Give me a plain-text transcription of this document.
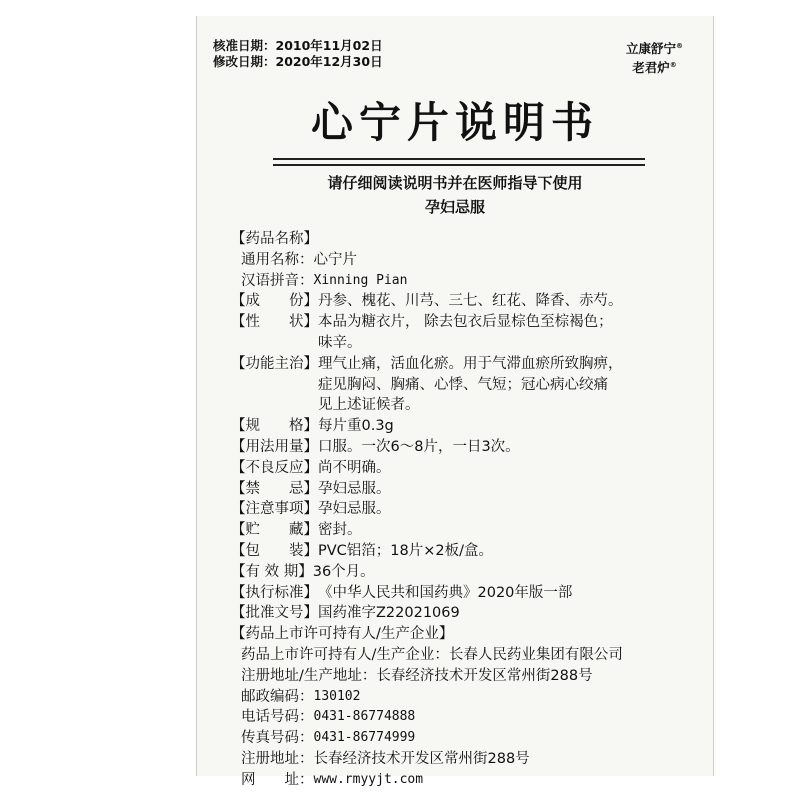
核准日期：2010年11月02日
修改日期：2020年12月30日
立康舒宁®
老君炉®
心宁片说明书
请仔细阅读说明书并在医师指导下使用
孕妇忌服
【药品名称】
通用名称： 心宁片
汉语拼音： Xinning Pian
【成　　份】 丹参、槐花、川芎、三七、红花、降香、赤芍。
【性　　状】 本品为糖衣片， 除去包衣后显棕色至棕褐色；
味辛。
【功能主治】 理气止痛，活血化瘀。用于气滞血瘀所致胸痹，
症见胸闷、胸痛、心悸、气短；冠心病心绞痛
见上述证候者。
【规　　格】 每片重0.3g
【用法用量】 口服。一次6～8片，一日3次。
【不良反应】 尚不明确。
【禁　　忌】 孕妇忌服。
【注意事项】 孕妇忌服。
【贮　　藏】 密封。
【包　　装】 PVC铝箔；18片×2板/盒。
【有 效 期】 36个月。
【执行标准】 《中华人民共和国药典》2020年版一部
【批准文号】 国药准字Z22021069
【药品上市许可持有人/生产企业】
药品上市许可持有人/生产企业： 长春人民药业集团有限公司
注册地址/生产地址： 长春经济技术开发区常州街288号
邮政编码： 130102
电话号码： 0431-86774888
传真号码： 0431-86774999
注册地址： 长春经济技术开发区常州街288号
网　　址： www.rmyyjt.com
